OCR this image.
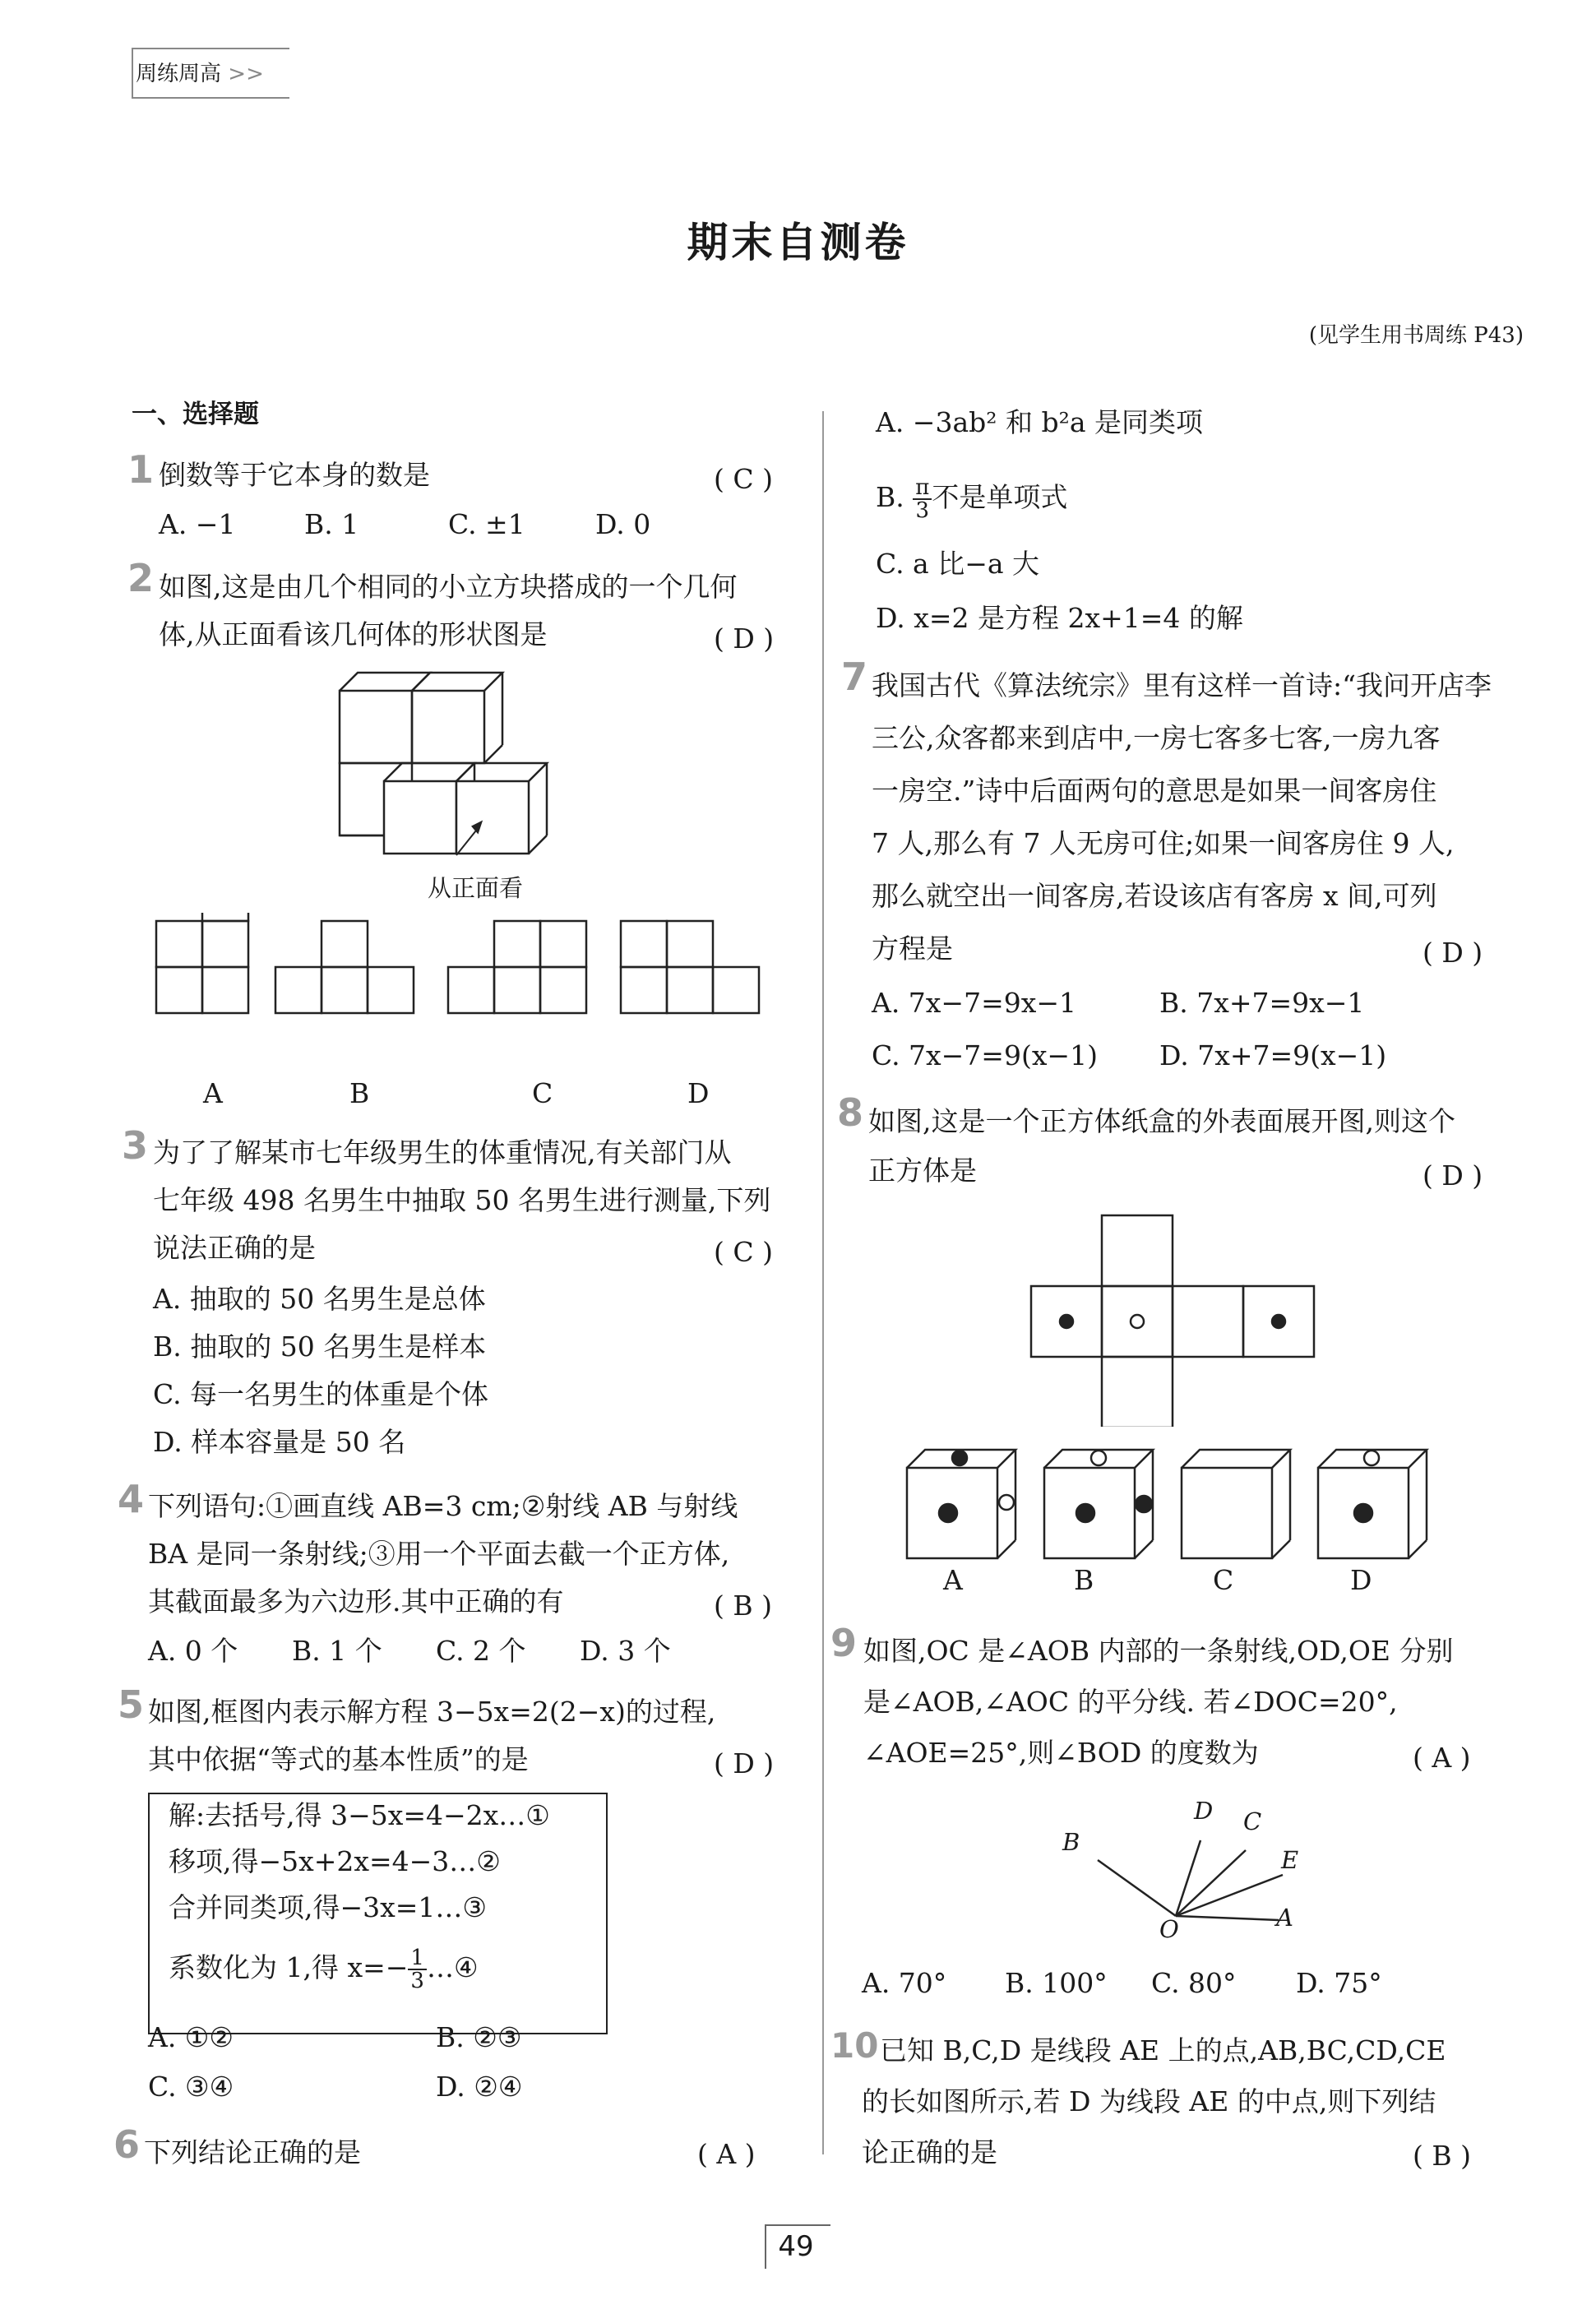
周练周高 >>
期末自测卷
(见学生用书周练 P43)
一、选择题
1 倒数等于它本身的数是	( C )
A. −1	B. 1	C. ±1	D. 0
2 如图,这是由几个相同的小立方块搭成的一个几何
体,从正面看该几何体的形状图是	( D )
从正面看
A	B	C	D
3 为了了解某市七年级男生的体重情况,有关部门从
七年级 498 名男生中抽取 50 名男生进行测量,下列
说法正确的是	( C )
A. 抽取的 50 名男生是总体
B. 抽取的 50 名男生是样本
C. 每一名男生的体重是个体
D. 样本容量是 50 名
4 下列语句:①画直线 AB=3 cm;②射线 AB 与射线
BA 是同一条射线;③用一个平面去截一个正方体,
其截面最多为六边形.其中正确的有	( B )
A. 0 个 B. 1 个 C. 2 个 D. 3 个
5 如图,框图内表示解方程 3−5x=2(2−x)的过程,
其中依据“等式的基本性质”的是	( D )
解:去括号,得 3−5x=4−2x…①
移项,得−5x+2x=4−3…②
合并同类项,得−3x=1…③
系数化为 1,得 $x=- \frac{1}{3}$ …④
A. ①②	B. ②③
C. ③④	D. ②④
6 下列结论正确的是	( A )
A. −3ab² 和 b²a 是同类项
B. $\frac{\pi}{3}$ 不是单项式
C. a 比−a 大
D. x=2 是方程 2x+1=4 的解
7 我国古代《算法统宗》里有这样一首诗:“我问开店李
三公,众客都来到店中,一房七客多七客,一房九客
一房空.”诗中后面两句的意思是如果一间客房住
7 人,那么有 7 人无房可住;如果一间客房住 9 人,
那么就空出一间客房,若设该店有客房 x 间,可列
方程是	( D )
A. 7x−7=9x−1	B. 7x+7=9x−1
C. 7x−7=9(x−1) D. 7x+7=9(x−1)
8 如图,这是一个正方体纸盒的外表面展开图,则这个
正方体是	( D )
A	B	C	D
9 如图,OC 是∠AOB 内部的一条射线,OD,OE 分别
是∠AOB,∠AOC 的平分线. 若∠DOC=20°,
∠AOE=25°,则∠BOD 的度数为	( A )
B
D C
E
A
O
A. 70° B. 100° C. 80° D. 75°
10 已知 B,C,D 是线段 AE 上的点,AB,BC,CD,CE
的长如图所示,若 D 为线段 AE 的中点,则下列结
论正确的是	( B )
49
